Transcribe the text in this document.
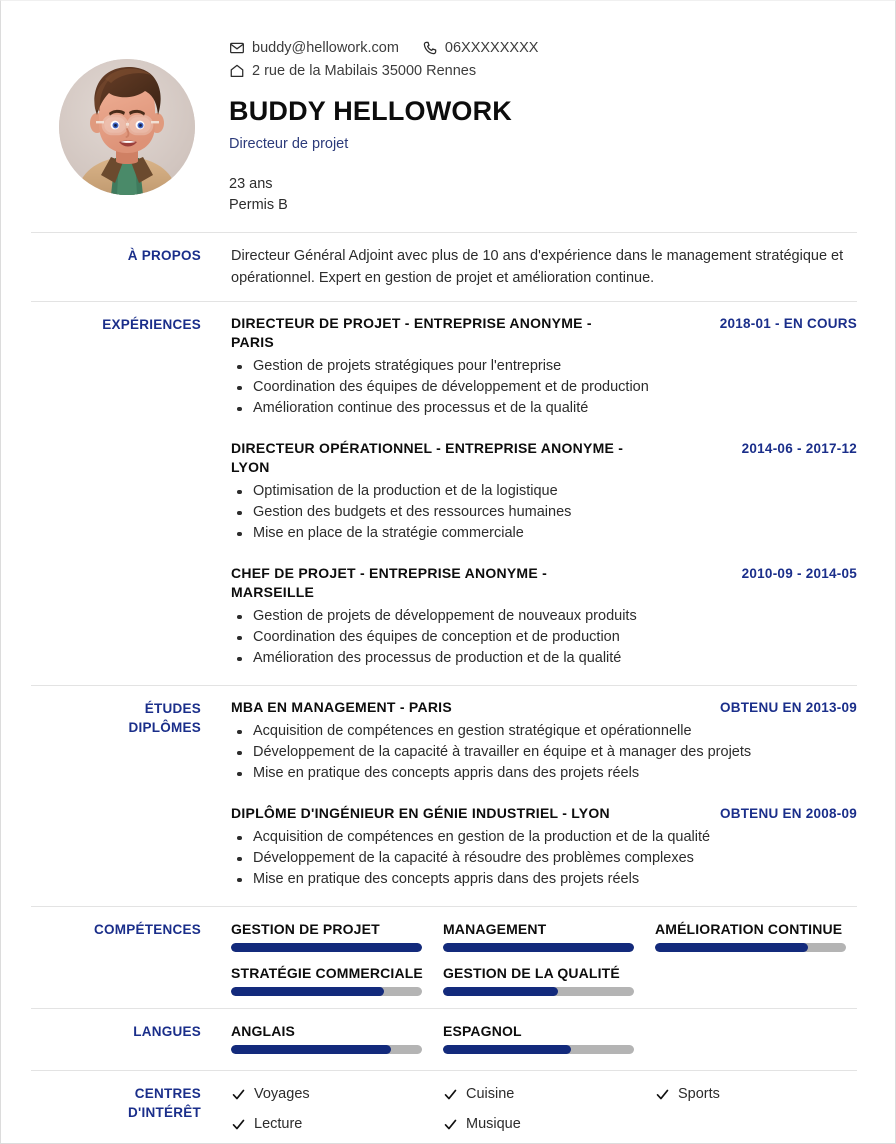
buddy@hellowork.com	06XXXXXXXX
2 rue de la Mabilais 35000 Rennes
BUDDY HELLOWORK
Directeur de projet
23 ans
Permis B
À PROPOS	Directeur Général Adjoint avec plus de 10 ans d'expérience dans le management stratégique et opérationnel. Expert en gestion de projet et amélioration continue.
EXPÉRIENCES	DIRECTEUR DE PROJET - ENTREPRISE ANONYME - PARIS
2018-01 - EN COURS
Gestion de projets stratégiques pour l'entreprise
Coordination des équipes de développement et de production
Amélioration continue des processus et de la qualité
DIRECTEUR OPÉRATIONNEL - ENTREPRISE ANONYME - LYON
2014-06 - 2017-12
Optimisation de la production et de la logistique
Gestion des budgets et des ressources humaines
Mise en place de la stratégie commerciale
CHEF DE PROJET - ENTREPRISE ANONYME - MARSEILLE
2010-09 - 2014-05
Gestion de projets de développement de nouveaux produits
Coordination des équipes de conception et de production
Amélioration des processus de production et de la qualité
ÉTUDES
DIPLÔMES
MBA EN MANAGEMENT - PARIS	OBTENU EN 2013-09
Acquisition de compétences en gestion stratégique et opérationnelle
Développement de la capacité à travailler en équipe et à manager des projets
Mise en pratique des concepts appris dans des projets réels
DIPLÔME D'INGÉNIEUR EN GÉNIE INDUSTRIEL - LYON	OBTENU EN 2008-09
Acquisition de compétences en gestion de la production et de la qualité
Développement de la capacité à résoudre des problèmes complexes
Mise en pratique des concepts appris dans des projets réels
COMPÉTENCES	GESTION DE PROJET	MANAGEMENT	AMÉLIORATION CONTINUE
STRATÉGIE COMMERCIALE	GESTION DE LA QUALITÉ
LANGUES	ANGLAIS	ESPAGNOL
CENTRES
D'INTÉRÊT
Voyages	Cuisine	Sports
Lecture	Musique
